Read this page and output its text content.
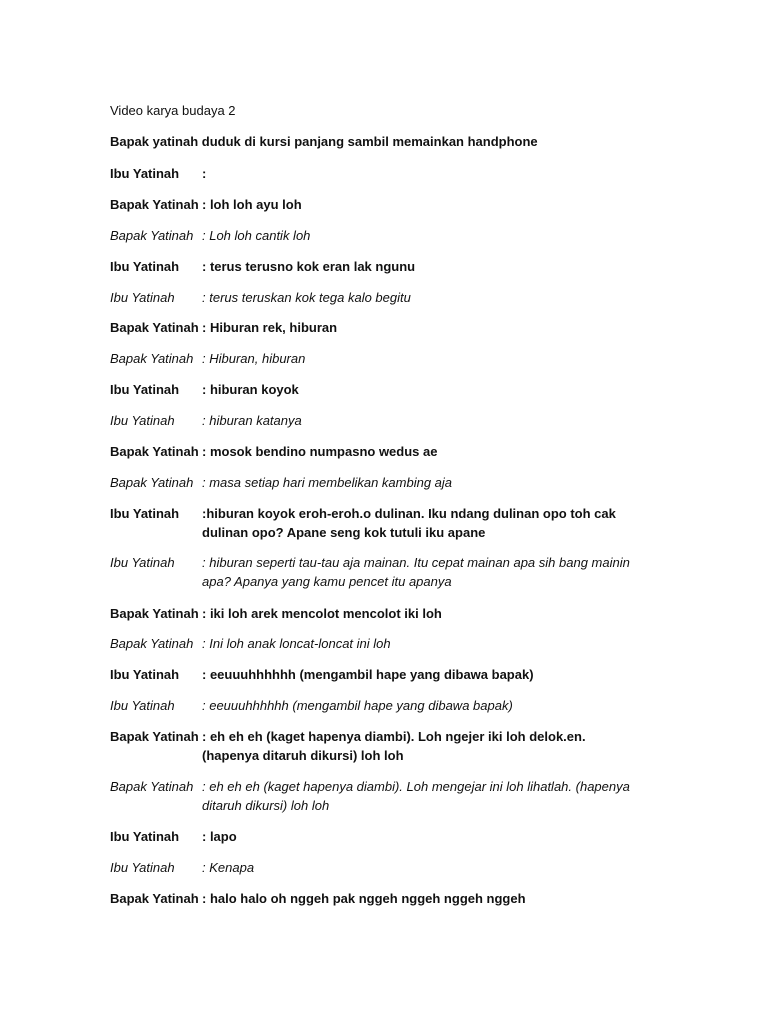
Video karya budaya 2
Bapak yatinah duduk di kursi panjang sambil memainkan handphone
Ibu Yatinah	:
Bapak Yatinah : loh loh ayu loh
Bapak Yatinah : Loh loh cantik loh
Ibu Yatinah	: terus terusno kok eran lak ngunu
Ibu Yatinah	: terus teruskan kok tega kalo begitu
Bapak Yatinah : Hiburan rek, hiburan
Bapak Yatinah : Hiburan, hiburan
Ibu Yatinah	: hiburan koyok
Ibu Yatinah	: hiburan katanya
Bapak Yatinah : mosok bendino numpasno wedus ae
Bapak Yatinah : masa setiap hari membelikan kambing aja
Ibu Yatinah	:hiburan koyok eroh-eroh.o dulinan. Iku ndang dulinan opo toh cak dulinan opo? Apane seng kok tutuli iku apane
Ibu Yatinah	: hiburan seperti tau-tau aja mainan. Itu cepat mainan apa sih bang mainin apa? Apanya yang kamu pencet itu apanya
Bapak Yatinah : iki loh arek mencolot mencolot iki loh
Bapak Yatinah : Ini loh anak loncat-loncat ini loh
Ibu Yatinah	: eeuuuhhhhhh (mengambil hape yang dibawa bapak)
Ibu Yatinah	: eeuuuhhhhhh (mengambil hape yang dibawa bapak)
Bapak Yatinah : eh eh eh (kaget hapenya diambi). Loh ngejer iki loh delok.en. (hapenya ditaruh dikursi) loh loh
Bapak Yatinah : eh eh eh (kaget hapenya diambi). Loh mengejar ini loh lihatlah. (hapenya ditaruh dikursi) loh loh
Ibu Yatinah	: lapo
Ibu Yatinah	: Kenapa
Bapak Yatinah : halo halo oh nggeh pak nggeh nggeh nggeh nggeh
